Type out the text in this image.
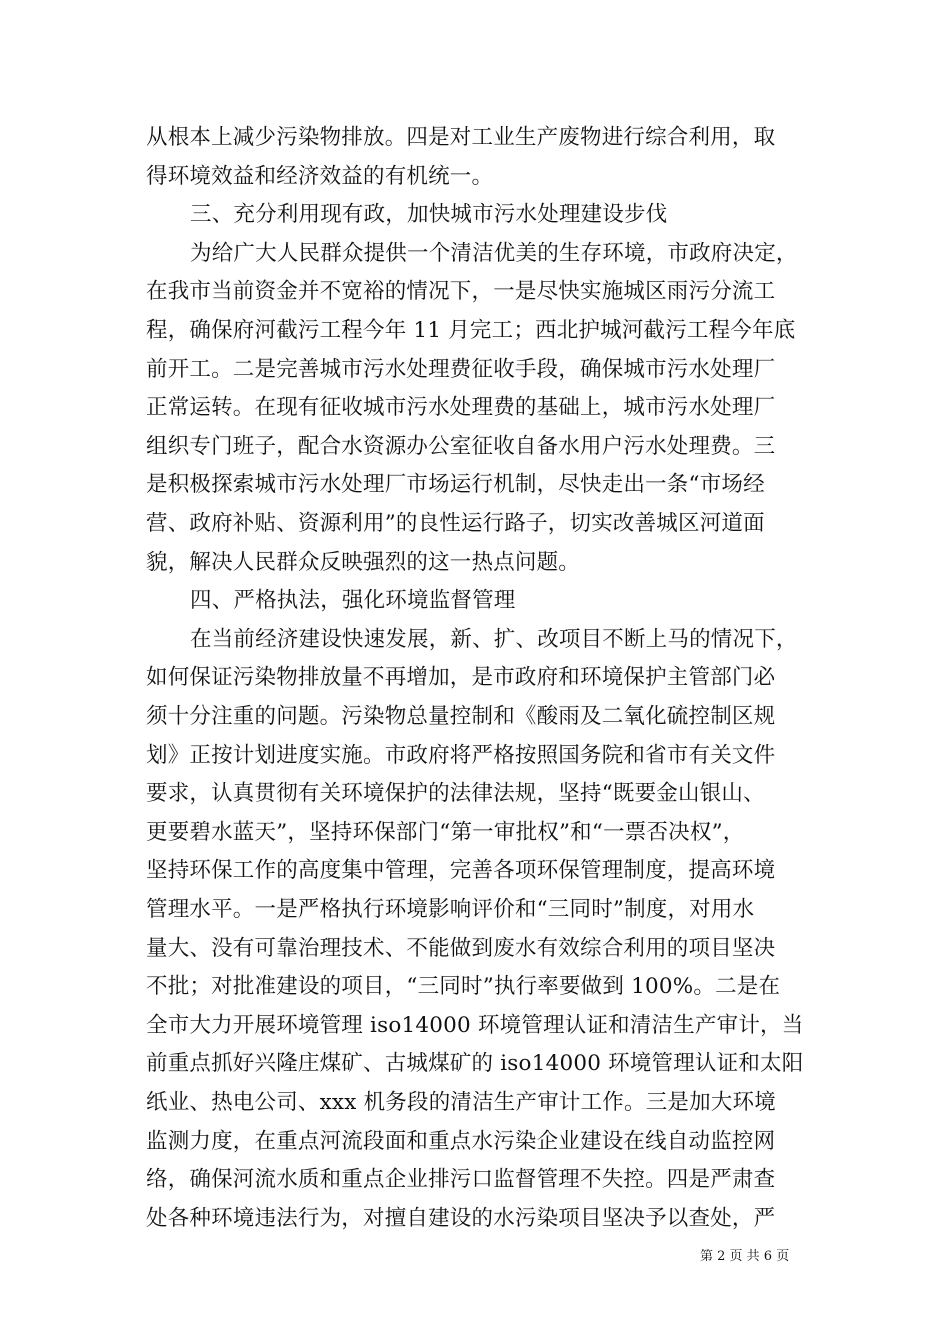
从根本上减少污染物排放。四是对工业生产废物进行综合利用，取
得环境效益和经济效益的有机统一。
三、充分利用现有政，加快城市污水处理建设步伐
为给广大人民群众提供一个清洁优美的生存环境，市政府决定，
在我市当前资金并不宽裕的情况下，一是尽快实施城区雨污分流工
程，确保府河截污工程今年 11 月完工；西北护城河截污工程今年底
前开工。二是完善城市污水处理费征收手段，确保城市污水处理厂
正常运转。在现有征收城市污水处理费的基础上，城市污水处理厂
组织专门班子，配合水资源办公室征收自备水用户污水处理费。三
是积极探索城市污水处理厂市场运行机制，尽快走出一条“市场经
营、政府补贴、资源利用”的良性运行路子，切实改善城区河道面
貌，解决人民群众反映强烈的这一热点问题。
四、严格执法，强化环境监督管理
在当前经济建设快速发展，新、扩、改项目不断上马的情况下，
如何保证污染物排放量不再增加，是市政府和环境保护主管部门必
须十分注重的问题。污染物总量控制和《酸雨及二氧化硫控制区规
划》正按计划进度实施。市政府将严格按照国务院和省市有关文件
要求，认真贯彻有关环境保护的法律法规，坚持“既要金山银山、
更要碧水蓝天”，坚持环保部门“第一审批权”和“一票否决权”，
坚持环保工作的高度集中管理，完善各项环保管理制度，提高环境
管理水平。一是严格执行环境影响评价和“三同时”制度，对用水
量大、没有可靠治理技术、不能做到废水有效综合利用的项目坚决
不批；对批准建设的项目，“三同时”执行率要做到 100%。二是在
全市大力开展环境管理 iso14000 环境管理认证和清洁生产审计，当
前重点抓好兴隆庄煤矿、古城煤矿的 iso14000 环境管理认证和太阳
纸业、热电公司、xxx 机务段的清洁生产审计工作。三是加大环境
监测力度，在重点河流段面和重点水污染企业建设在线自动监控网
络，确保河流水质和重点企业排污口监督管理不失控。四是严肃查
处各种环境违法行为，对擅自建设的水污染项目坚决予以查处，严
第 2 页 共 6 页
